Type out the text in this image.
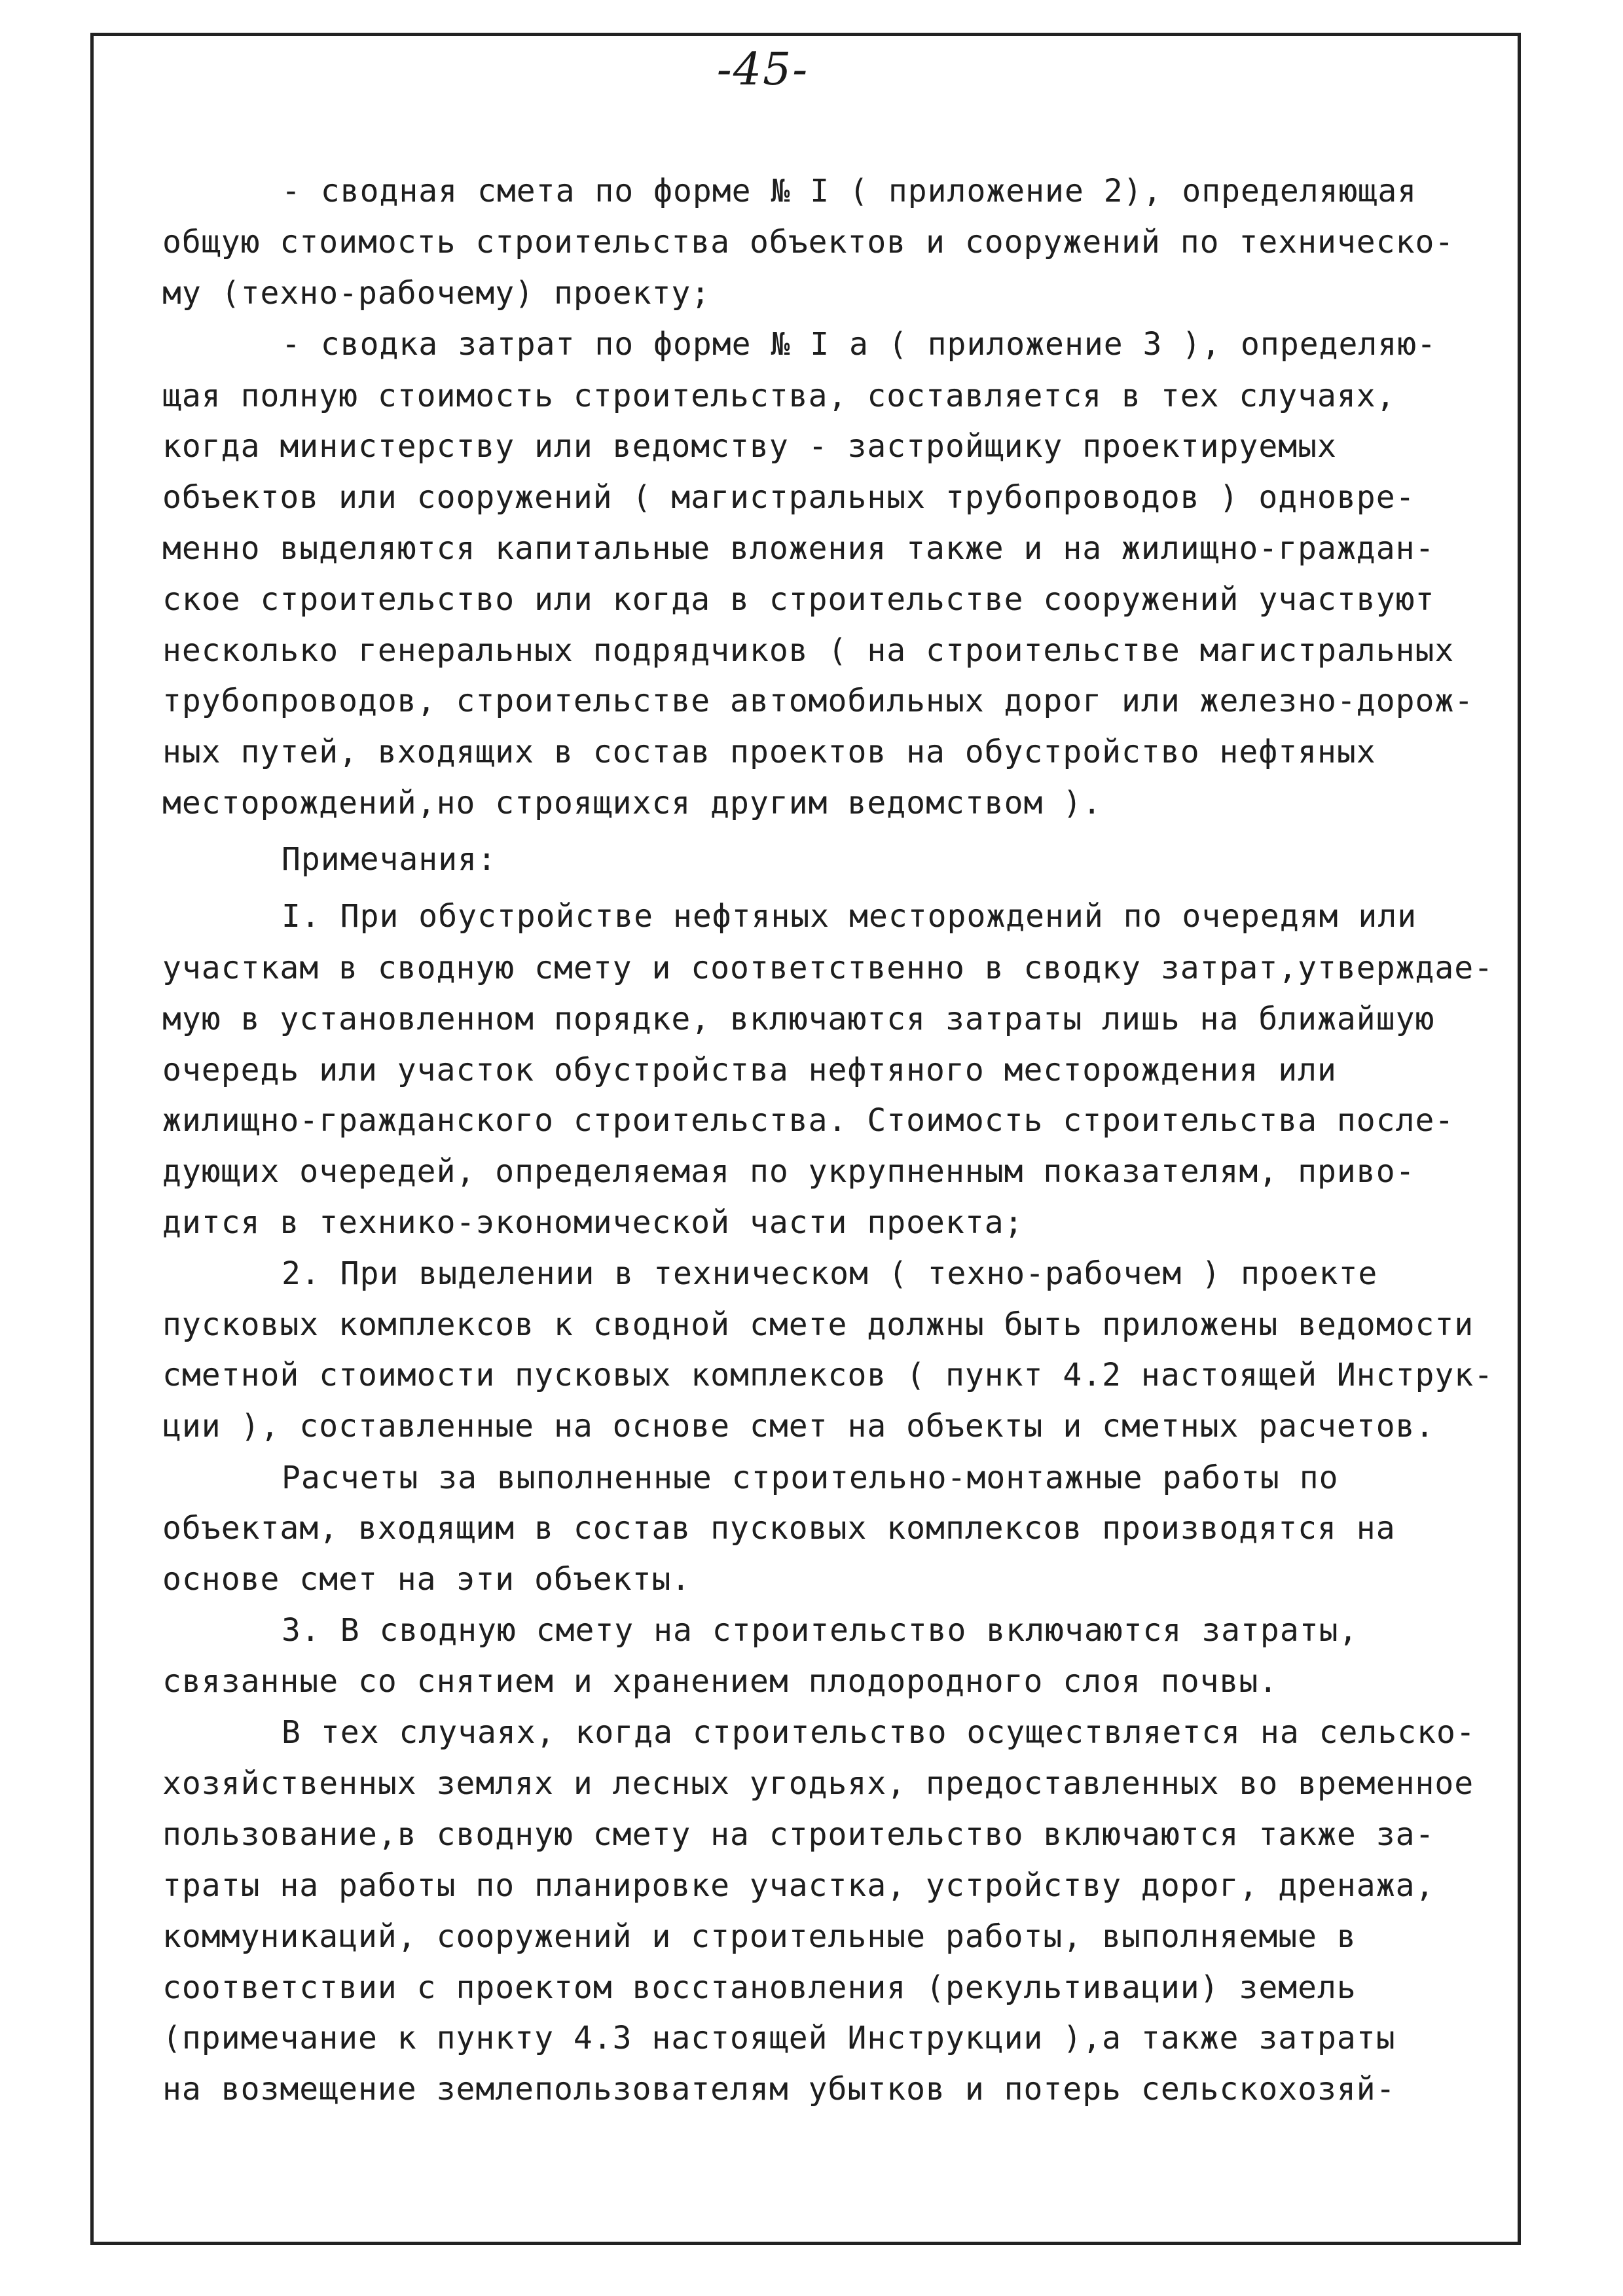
-45-
- сводная смета по форме № I ( приложение 2), определяющая
общую стоимость строительства объектов и сооружений по техническо-
му (техно-рабочему) проекту;
- сводка затрат по форме № I а ( приложение 3 ), определяю-
щая полную стоимость строительства, составляется в тех случаях,
когда министерству или ведомству - застройщику проектируемых
объектов или сооружений ( магистральных трубопроводов ) одновре-
менно выделяются капитальные вложения также и на жилищно-граждан-
ское строительство или когда в строительстве сооружений участвуют
несколько генеральных подрядчиков ( на строительстве магистральных
трубопроводов, строительстве автомобильных дорог или железно-дорож-
ных путей, входящих в состав проектов на обустройство нефтяных
месторождений,но строящихся другим ведомством ).
Примечания:
I. При обустройстве нефтяных месторождений по очередям или
участкам в сводную смету и соответственно в сводку затрат,утверждае-
мую в установленном порядке, включаются затраты лишь на ближайшую
очередь или участок обустройства нефтяного месторождения или
жилищно-гражданского строительства. Стоимость строительства после-
дующих очередей, определяемая по укрупненным показателям, приво-
дится в технико-экономической части проекта;
2. При выделении в техническом ( техно-рабочем ) проекте
пусковых комплексов к сводной смете должны быть приложены ведомости
сметной стоимости пусковых комплексов ( пункт 4.2 настоящей Инструк-
ции ), составленные на основе смет на объекты и сметных расчетов.
Расчеты за выполненные строительно-монтажные работы по
объектам, входящим в состав пусковых комплексов производятся на
основе смет на эти объекты.
3. В сводную смету на строительство включаются затраты,
связанные со снятием и хранением плодородного слоя почвы.
В тех случаях, когда строительство осуществляется на сельско-
хозяйственных землях и лесных угодьях, предоставленных во временное
пользование,в сводную смету на строительство включаются также за-
траты на работы по планировке участка, устройству дорог, дренажа,
коммуникаций, сооружений и строительные работы, выполняемые в
соответствии с проектом восстановления (рекультивации) земель
(примечание к пункту 4.3 настоящей Инструкции ),а также затраты
на возмещение землепользователям убытков и потерь сельскохозяй-
